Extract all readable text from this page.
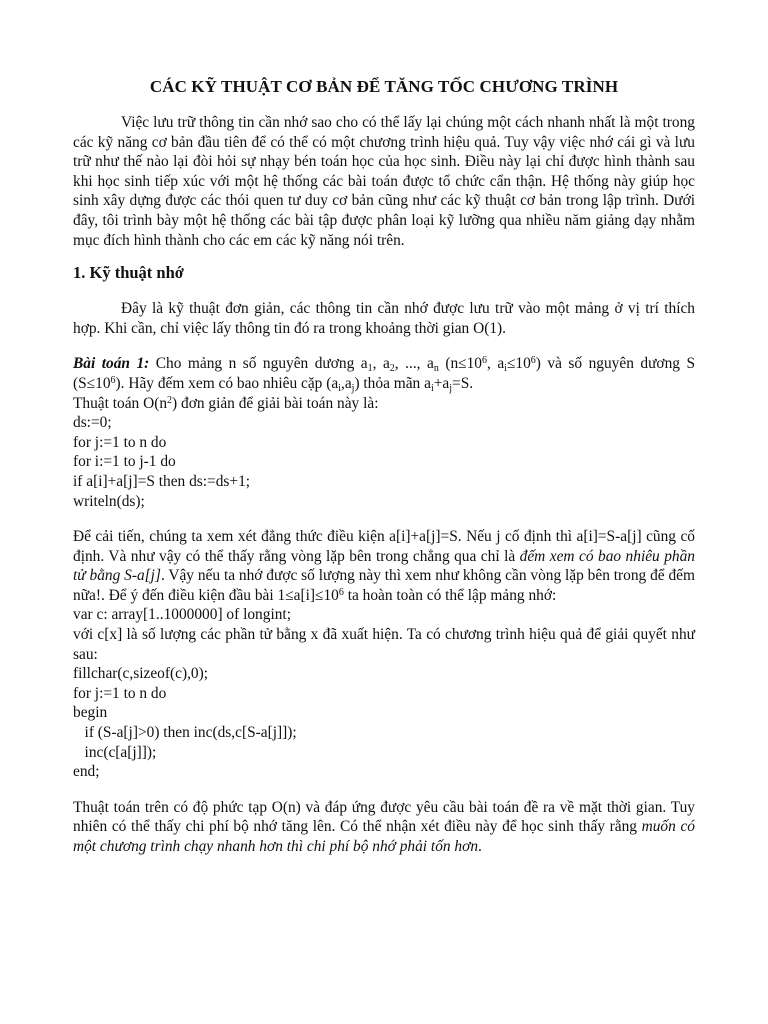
CÁC KỸ THUẬT CƠ BẢN ĐỂ TĂNG TỐC CHƯƠNG TRÌNH

Việc lưu trữ thông tin cần nhớ sao cho có thể lấy lại chúng một cách nhanh nhất là một trong các kỹ năng cơ bản đầu tiên để có thể có một chương trình hiệu quả. Tuy vậy việc nhớ cái gì và lưu trữ như thế nào lại đòi hỏi sự nhạy bén toán học của học sinh. Điều này lại chỉ được hình thành sau khi học sinh tiếp xúc với một hệ thống các bài toán được tổ chức cẩn thận. Hệ thống này giúp học sinh xây dựng được các thói quen tư duy cơ bản cũng như các kỹ thuật cơ bản trong lập trình. Dưới đây, tôi trình bày một hệ thống các bài tập được phân loại kỹ lưỡng qua nhiều năm giảng dạy nhằm mục đích hình thành cho các em các kỹ năng nói trên.

1. Kỹ thuật nhớ

Đây là kỹ thuật đơn giản, các thông tin cần nhớ được lưu trữ vào một mảng ở vị trí thích hợp. Khi cần, chỉ việc lấy thông tin đó ra trong khoảng thời gian O(1).

Bài toán 1: Cho mảng n số nguyên dương $a_1$, $a_2$, ..., $a_n$ ($n\le 10^6$, $a_i\le 10^6$) và số nguyên dương S $(S\le 10^6)$. Hãy đếm xem có bao nhiêu cặp $(a_i,a_j)$ thỏa mãn $a_i+a_j=S$.

Thuật toán $O(n^2)$ đơn giản để giải bài toán này là:

ds:=0;
for j:=1 to n do
for i:=1 to j-1 do
if a[i]+a[j]=S then ds:=ds+1;
writeln(ds);

Để cải tiến, chúng ta xem xét đẳng thức điều kiện a[i]+a[j]=S. Nếu j cố định thì a[i]=S-a[j] cũng cố định. Và như vậy có thể thấy rằng vòng lặp bên trong chẳng qua chỉ là đếm xem có bao nhiêu phần tử bằng S-a[j]. Vậy nếu ta nhớ được số lượng này thì xem như không cần vòng lặp bên trong để đếm nữa!. Để ý đến điều kiện đầu bài $1\le a[i]\le 10^6$ ta hoàn toàn có thể lập mảng nhớ:

var c: array[1..1000000] of longint;

với c[x] là số lượng các phần tử bằng x đã xuất hiện. Ta có chương trình hiệu quả để giải quyết như sau:

fillchar(c,sizeof(c),0);
for j:=1 to n do
begin
if (S-a[j]>0) then inc(ds,c[S-a[j]]);
inc(c[a[j]]);
end;

Thuật toán trên có độ phức tạp O(n) và đáp ứng được yêu cầu bài toán đề ra về mặt thời gian. Tuy nhiên có thể thấy chi phí bộ nhớ tăng lên. Có thể nhận xét điều này để học sinh thấy rằng muốn có một chương trình chạy nhanh hơn thì chi phí bộ nhớ phải tốn hơn.
